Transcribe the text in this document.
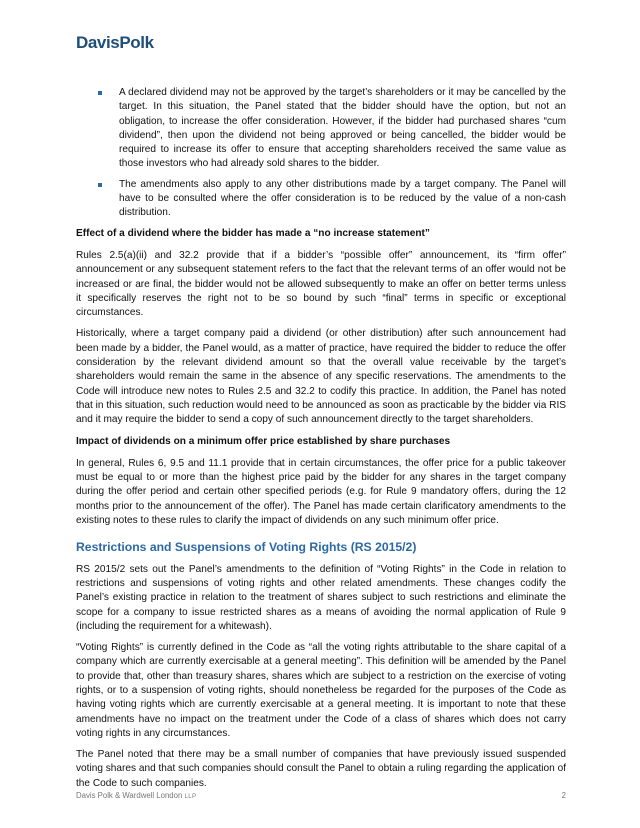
DavisPolk
A declared dividend may not be approved by the target’s shareholders or it may be cancelled by the target. In this situation, the Panel stated that the bidder should have the option, but not an obligation, to increase the offer consideration. However, if the bidder had purchased shares “cum dividend”, then upon the dividend not being approved or being cancelled, the bidder would be required to increase its offer to ensure that accepting shareholders received the same value as those investors who had already sold shares to the bidder.
The amendments also apply to any other distributions made by a target company. The Panel will have to be consulted where the offer consideration is to be reduced by the value of a non-cash distribution.
Effect of a dividend where the bidder has made a “no increase statement”

Rules 2.5(a)(ii) and 32.2 provide that if a bidder’s “possible offer” announcement, its “firm offer” announcement or any subsequent statement refers to the fact that the relevant terms of an offer would not be increased or are final, the bidder would not be allowed subsequently to make an offer on better terms unless it specifically reserves the right not to be so bound by such “final” terms in specific or exceptional circumstances.

Historically, where a target company paid a dividend (or other distribution) after such announcement had been made by a bidder, the Panel would, as a matter of practice, have required the bidder to reduce the offer consideration by the relevant dividend amount so that the overall value receivable by the target’s shareholders would remain the same in the absence of any specific reservations. The amendments to the Code will introduce new notes to Rules 2.5 and 32.2 to codify this practice. In addition, the Panel has noted that in this situation, such reduction would need to be announced as soon as practicable by the bidder via RIS and it may require the bidder to send a copy of such announcement directly to the target shareholders.

Impact of dividends on a minimum offer price established by share purchases

In general, Rules 6, 9.5 and 11.1 provide that in certain circumstances, the offer price for a public takeover must be equal to or more than the highest price paid by the bidder for any shares in the target company during the offer period and certain other specified periods (e.g. for Rule 9 mandatory offers, during the 12 months prior to the announcement of the offer). The Panel has made certain clarificatory amendments to the existing notes to these rules to clarify the impact of dividends on any such minimum offer price.

Restrictions and Suspensions of Voting Rights (RS 2015/2)

RS 2015/2 sets out the Panel’s amendments to the definition of “Voting Rights” in the Code in relation to restrictions and suspensions of voting rights and other related amendments. These changes codify the Panel’s existing practice in relation to the treatment of shares subject to such restrictions and eliminate the scope for a company to issue restricted shares as a means of avoiding the normal application of Rule 9 (including the requirement for a whitewash).

“Voting Rights” is currently defined in the Code as “all the voting rights attributable to the share capital of a company which are currently exercisable at a general meeting”. This definition will be amended by the Panel to provide that, other than treasury shares, shares which are subject to a restriction on the exercise of voting rights, or to a suspension of voting rights, should nonetheless be regarded for the purposes of the Code as having voting rights which are currently exercisable at a general meeting. It is important to note that these amendments have no impact on the treatment under the Code of a class of shares which does not carry voting rights in any circumstances.

The Panel noted that there may be a small number of companies that have previously issued suspended voting shares and that such companies should consult the Panel to obtain a ruling regarding the application of the Code to such companies.

Davis Polk & Wardwell London LLP	2
